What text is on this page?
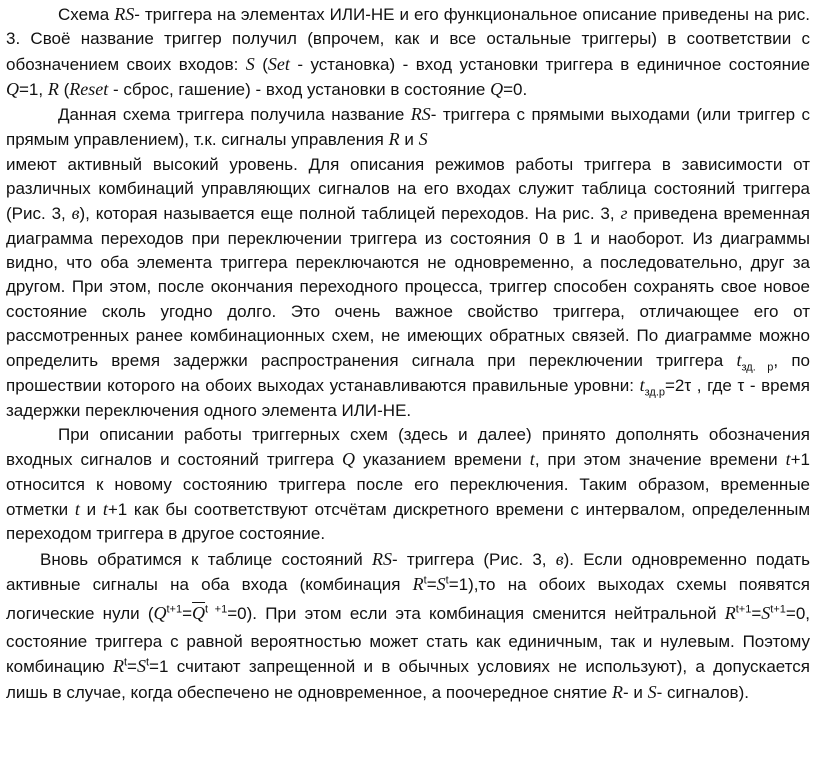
Схема RS- триггера на элементах ИЛИ-НЕ и его функциональное описание приведены на рис. 3. Своё название триггер получил (впрочем, как и все остальные триггеры) в соответствии с обозначением своих входов: S (Set - установка) - вход установки триггера в единичное состояние Q=1, R (Reset - сброс, гашение) - вход установки в состояние Q=0.

Данная схема триггера получила название RS- триггера с прямыми выходами (или триггер с прямым управлением), т.к. сигналы управления R и S
имеют активный высокий уровень. Для описания режимов работы триггера в зависимости от различных комбинаций управляющих сигналов на его входах служит таблица состояний триггера (Рис. 3, в), которая называется еще полной таблицей переходов. На рис. 3, г приведена временная диаграмма переходов при переключении триггера из состояния 0 в 1 и наоборот. Из диаграммы видно, что оба элемента триггера переключаются не одновременно, а последовательно, друг за другом. При этом, после окончания переходного процесса, триггер способен сохранять свое новое состояние сколь угодно долго. Это очень важное свойство триггера, отличающее его от рассмотренных ранее комбинационных схем, не имеющих обратных связей. По диаграмме можно определить время задержки распространения сигнала при переключении триггера $t_{зд. р}$, по прошествии которого на обоих выходах устанавливаются правильные уровни: $t_{зд.р}=2\tau$ , где τ - время задержки переключения одного элемента ИЛИ-НЕ.

При описании работы триггерных схем (здесь и далее) принято дополнять обозначения входных сигналов и состояний триггера Q указанием времени t, при этом значение времени t+1 относится к новому состоянию триггера после его переключения. Таким образом, временные отметки t и t+1 как бы соответствуют отсчётам дискретного времени с интервалом, определенным переходом триггера в другое состояние.

Вновь обратимся к таблице состояний RS- триггера (Рис. 3, в). Если одновременно подать активные сигналы на оба входа (комбинация $R^t=S^t=1),то$ на обоих выходах схемы появятся логические нули $(Q^{t+1}=\overline{Q}^{t +1}=0)$. При этом если эта комбинация сменится нейтральной $R^{t+1}=S^{t+1}=0$, состояние триггера с равной вероятностью может стать как единичным, так и нулевым. Поэтому комбинацию $R^t=S^t=1$ считают запрещенной и в обычных условиях не используют), а допускается лишь в случае, когда обеспечено не одновременное, а поочередное снятие R- и S- сигналов).
